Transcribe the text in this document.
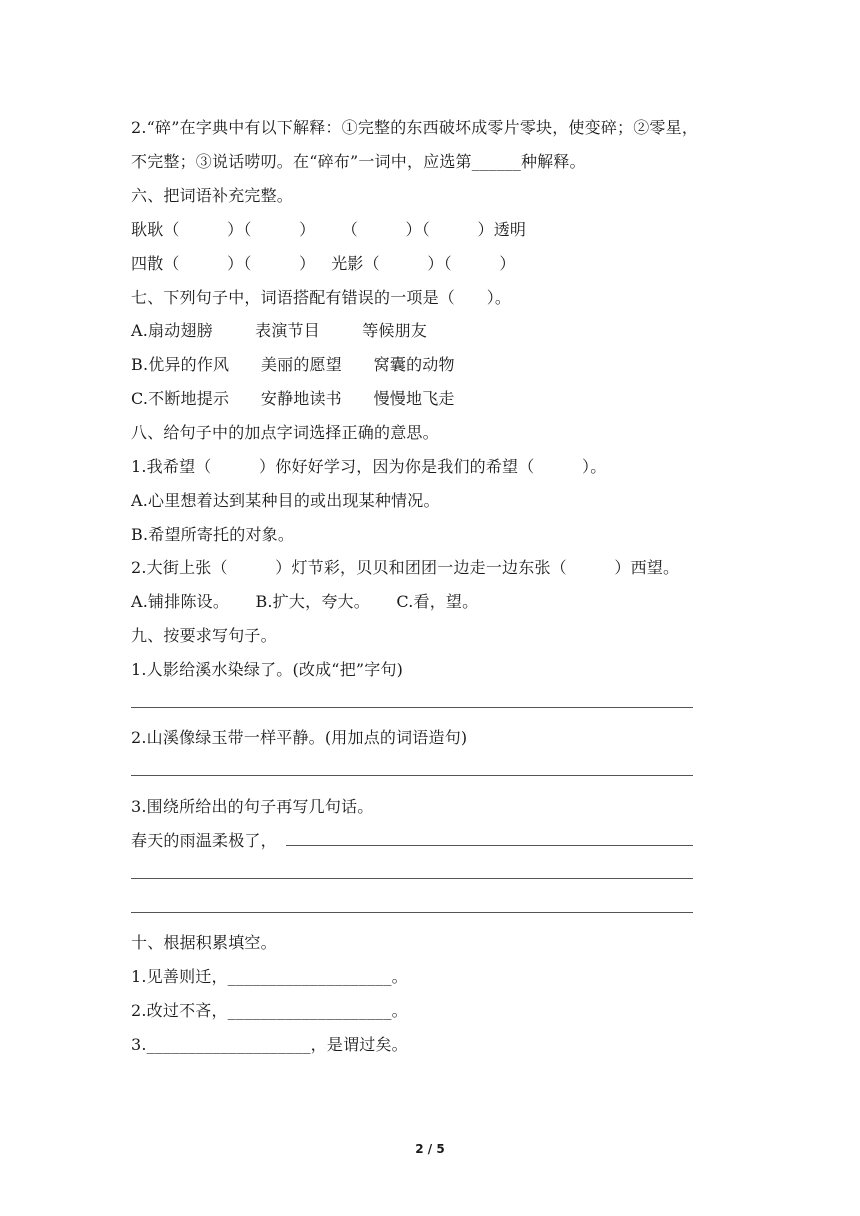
2.“碎”在字典中有以下解释：①完整的东西破坏成零片零块，使变碎；②零星，
不完整；③说话唠叨。在“碎布”一词中，应选第______种解释。
六、把词语补充完整。
耿耿（         ）（         ）     （         ）（         ）透明
四散（         ）（         ）   光影（         ）（         ）
七、下列句子中，词语搭配有错误的一项是（      ）。
A.扇动翅膀        表演节目        等候朋友
B.优异的作风      美丽的愿望      窝囊的动物
C.不断地提示      安静地读书      慢慢地飞走
八、给句子中的加点字词选择正确的意思。
1.我希望（         ）你好好学习，因为你是我们的希望（         ）。
A.心里想着达到某种目的或出现某种情况。
B.希望所寄托的对象。
2.大街上张（         ）灯节彩，贝贝和团团一边走一边东张（         ）西望。
A.铺排陈设。     B.扩大，夸大。     C.看，望。
九、按要求写句子。
1.人影给溪水染绿了。(改成“把”字句)
2.山溪像绿玉带一样平静。(用加点的词语造句)
3.围绕所给出的句子再写几句话。
春天的雨温柔极了，
十、根据积累填空。
1.见善则迁，____________________。
2.改过不吝，____________________。
3.____________________，是谓过矣。
2 / 5
